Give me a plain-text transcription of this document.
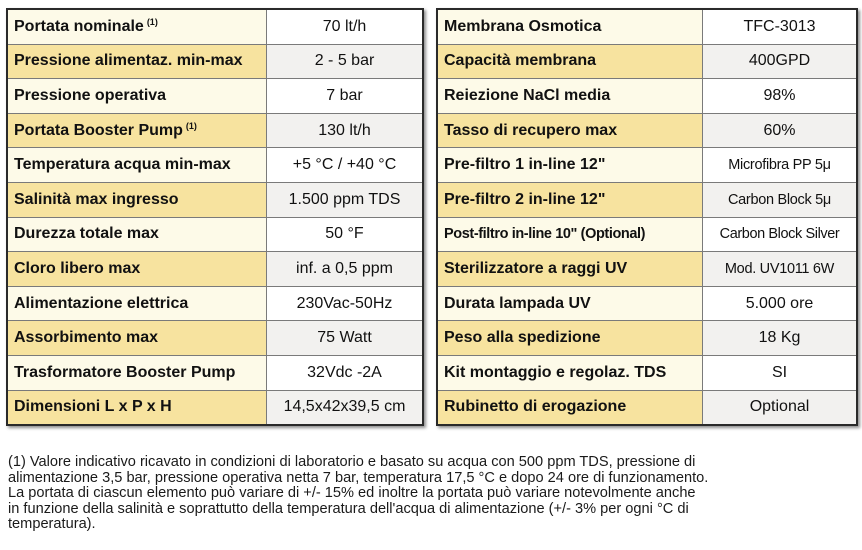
Portata nominale $^{(1)}$	70 lt/h
Pressione alimentaz. min-max	2 - 5 bar
Pressione operativa	7 bar
Portata Booster Pump $^{(1)}$	130 lt/h
Temperatura acqua min-max	+5 °C / +40 °C
Salinità max ingresso	1.500 ppm TDS
Durezza totale max	50 °F
Cloro libero max	inf. a 0,5 ppm
Alimentazione elettrica	230Vac-50Hz
Assorbimento max	75 Watt
Trasformatore Booster Pump	32Vdc -2A
Dimensioni L x P x H	14,5x42x39,5 cm
Membrana Osmotica	TFC-3013
Capacità membrana	400GPD
Reiezione NaCl media	98%
Tasso di recupero max	60%
Pre-filtro 1 in-line 12"	Microfibra PP 5μ
Pre-filtro 2 in-line 12"	Carbon Block 5μ
Post-filtro in-line 10" (Optional)	Carbon Block Silver
Sterilizzatore a raggi UV	Mod. UV1011 6W
Durata lampada UV	5.000 ore
Peso alla spedizione	18 Kg
Kit montaggio e regolaz. TDS	SI
Rubinetto di erogazione	Optional
(1) Valore indicativo ricavato in condizioni di laboratorio e basato su acqua con 500 ppm TDS, pressione di
alimentazione 3,5 bar, pressione operativa netta 7 bar, temperatura 17,5 °C e dopo 24 ore di funzionamento.
La portata di ciascun elemento può variare di +/- 15% ed inoltre la portata può variare notevolmente anche
in funzione della salinità e soprattutto della temperatura dell'acqua di alimentazione (+/- 3% per ogni °C di
temperatura).
